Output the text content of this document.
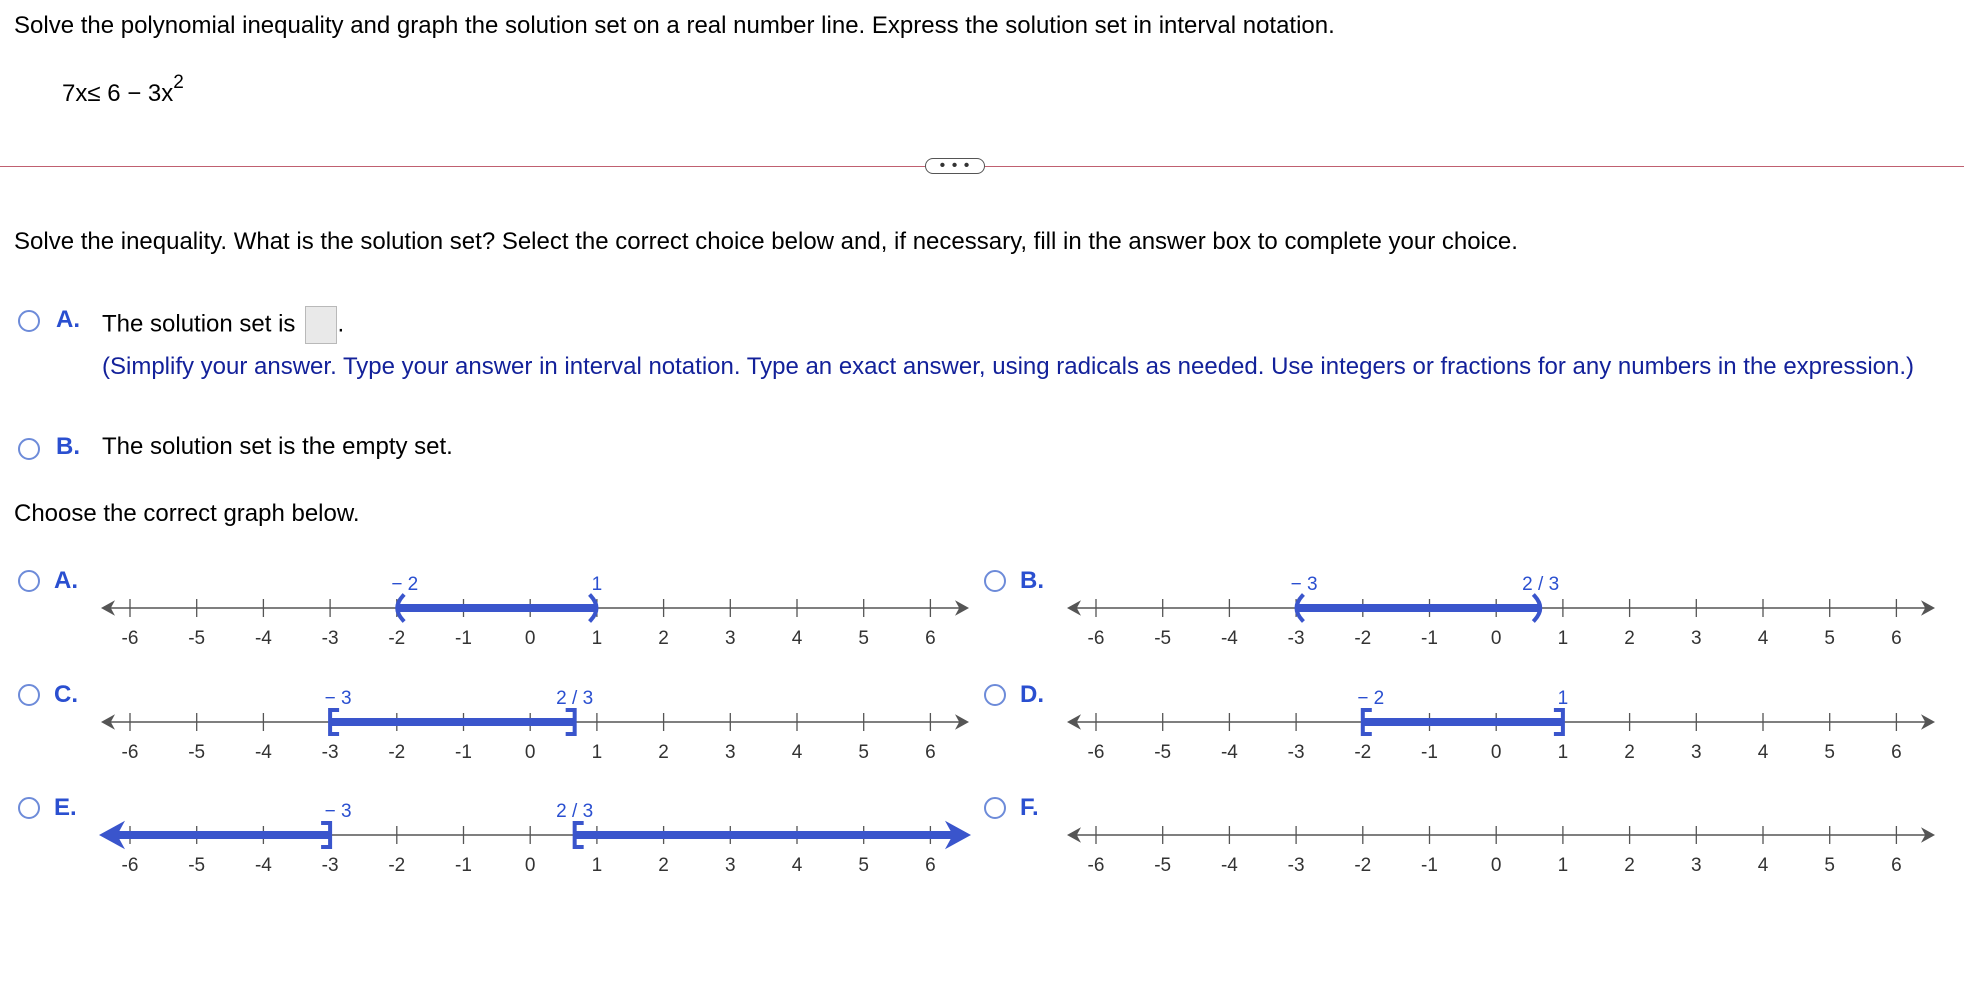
Solve the polynomial inequality and graph the solution set on a real number line. Express the solution set in interval notation.
$7x\le 6 - 3x^2$
• • •
Solve the inequality. What is the solution set? Select the correct choice below and, if necessary, fill in the answer box to complete your choice.
A. The solution set is .
(Simplify your answer. Type your answer in interval notation. Type an exact answer, using radicals as needed. Use integers or fractions for any numbers in the expression.)
B. The solution set is the empty set.
Choose the correct graph below.
A.
-6	-5	-4	-3	-2	-1	0	1	2	3	4	5	6
− 2	1	B.
-6	-5	-4	-3	-2	-1	0	1	2	3	4	5	6
− 3	2 / 3
C.
-6	-5	-4	-3	-2	-1	0	1	2	3	4	5	6
− 3	2 / 3	D.
-6	-5	-4	-3	-2	-1	0	1	2	3	4	5	6
− 2	1
E.
-6	-5	-4	-3	-2	-1	0	1	2	3	4	5	6
− 3	2 / 3	F.
-6	-5	-4	-3	-2	-1	0	1	2	3	4	5	6
